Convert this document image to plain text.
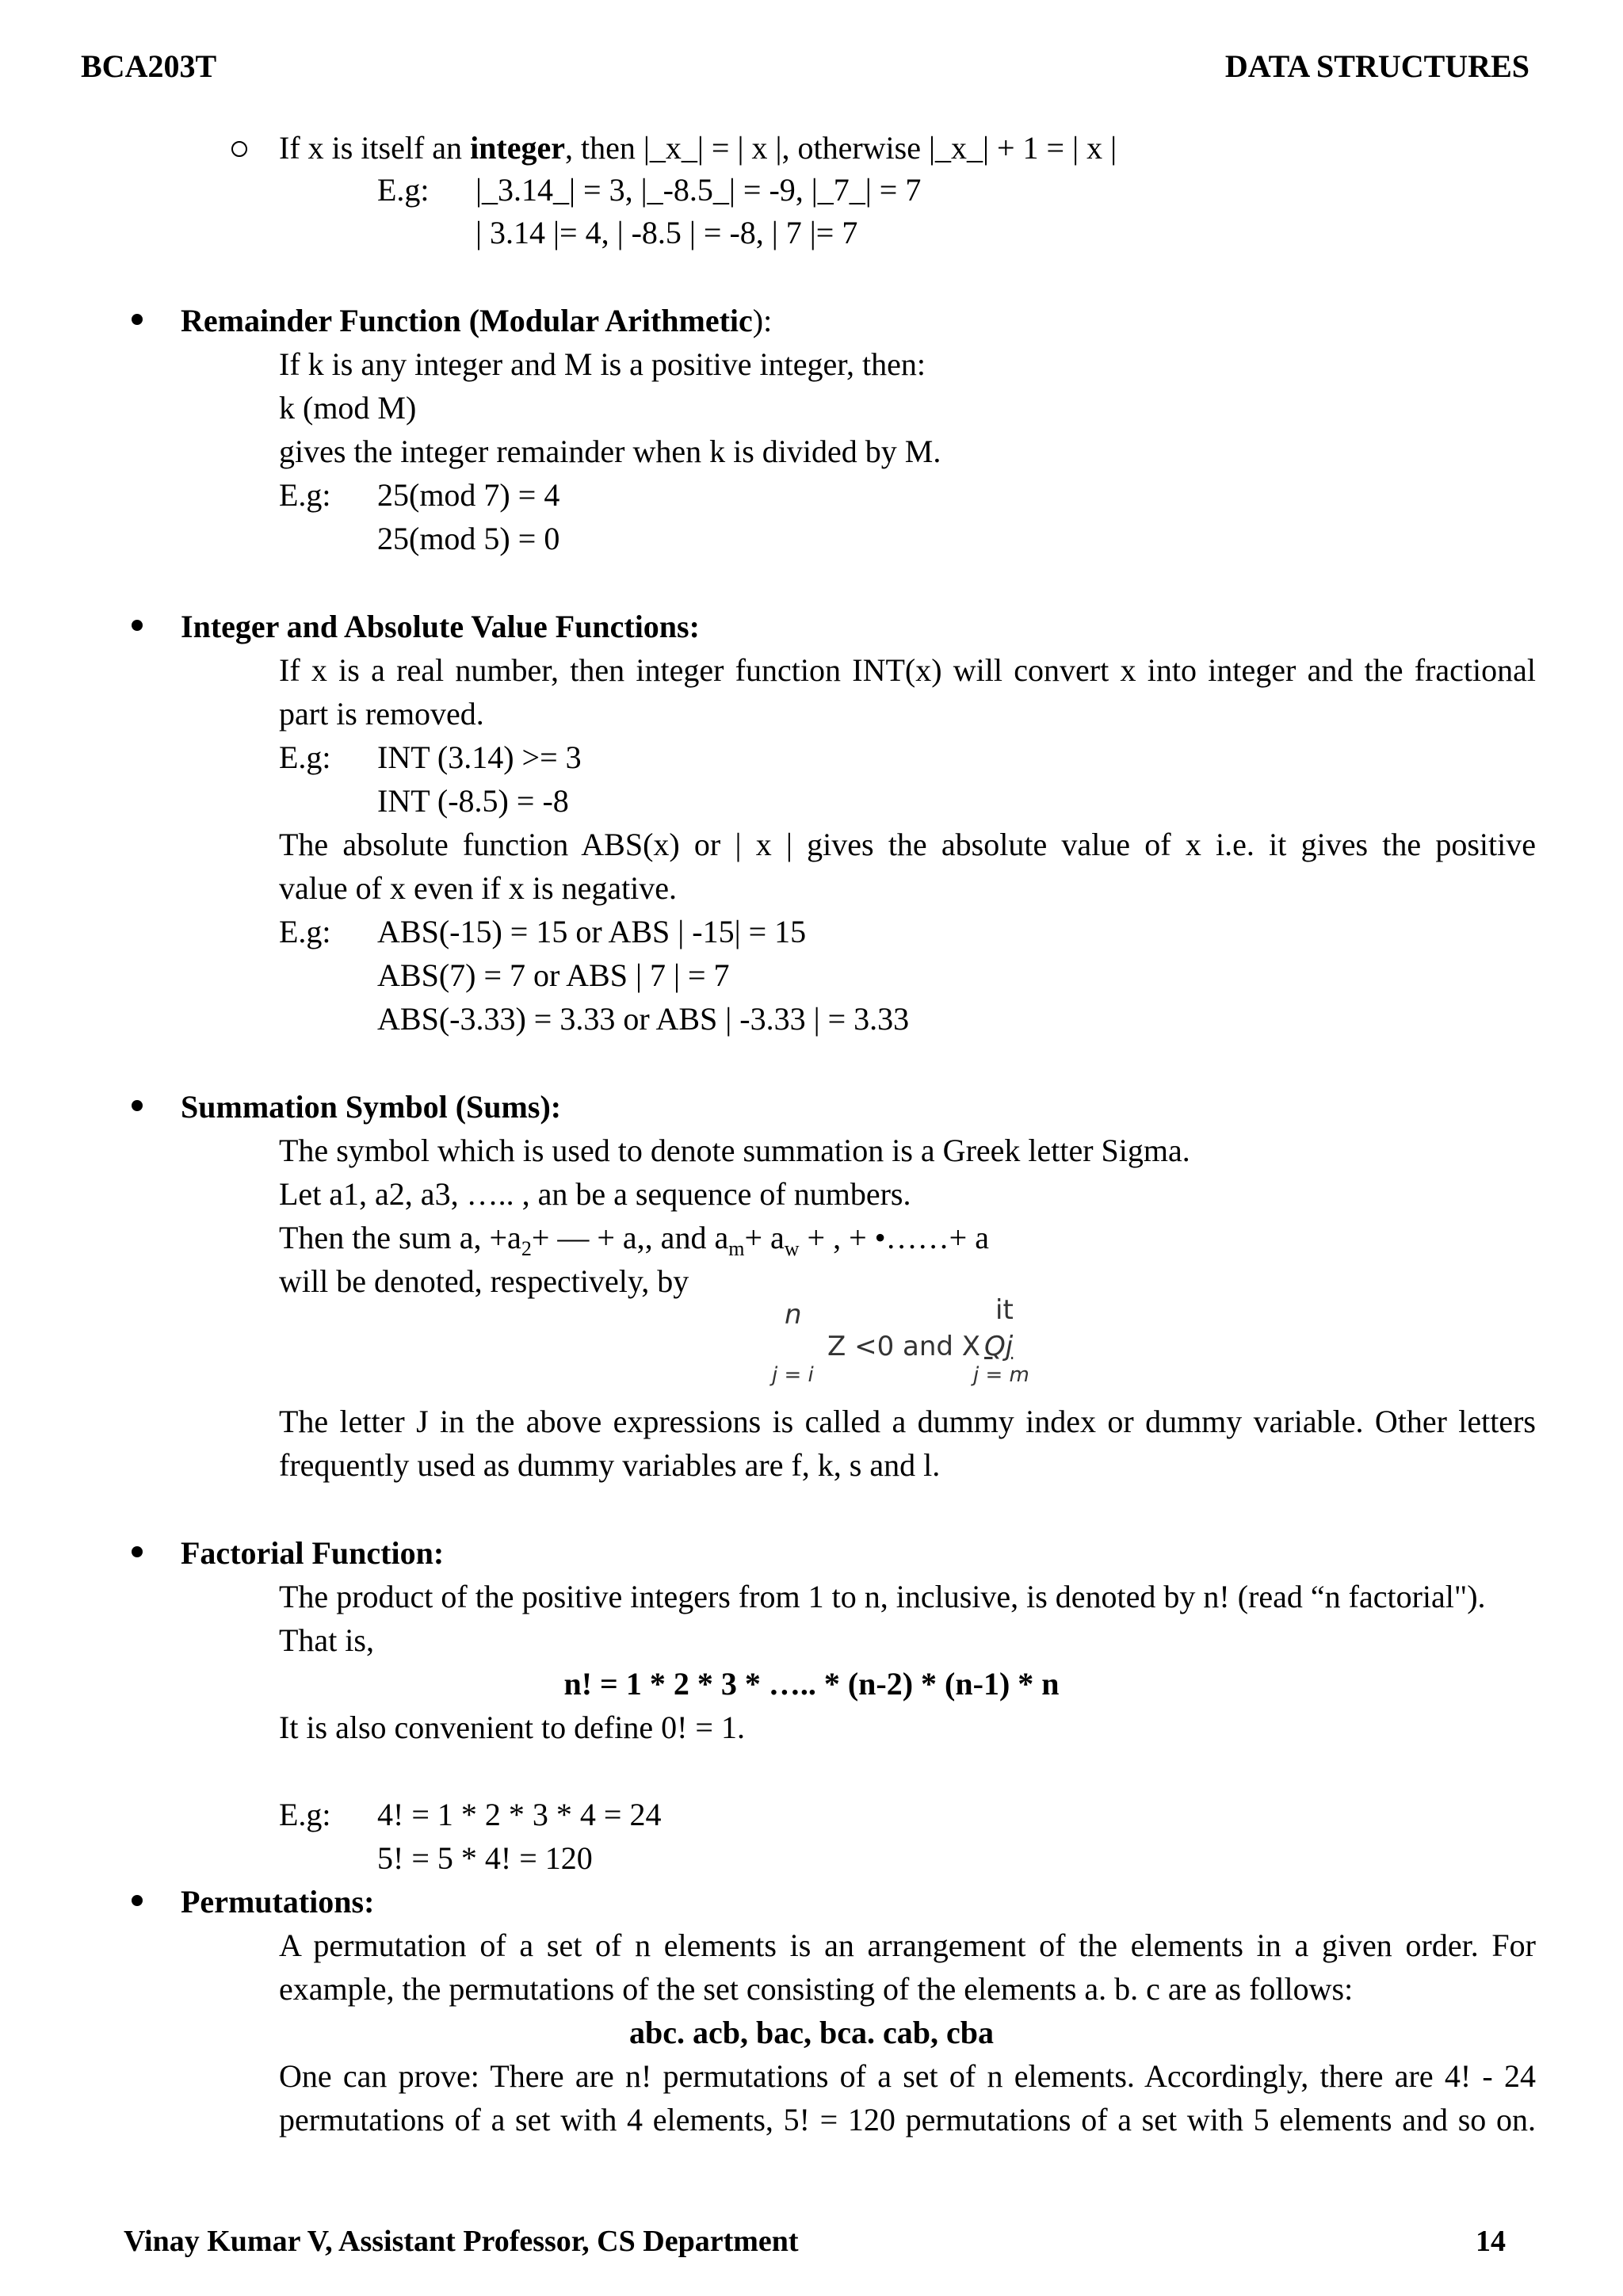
BCA203T	DATA STRUCTURES
If x is itself an integer, then |_x_| = | x |, otherwise |_x_| + 1 = | x |
E.g: |_3.14_| = 3, |_-8.5_| = -9, |_7_| = 7
| 3.14 |= 4, | -8.5 | = -8, | 7 |= 7
Remainder Function (Modular Arithmetic):
If k is any integer and M is a positive integer, then:
k (mod M)
gives the integer remainder when k is divided by M.
E.g: 25(mod 7) = 4
25(mod 5) = 0
Integer and Absolute Value Functions:
If x is a real number, then integer function INT(x) will convert x into integer and the fractional
part is removed.
E.g: INT (3.14) >= 3
INT (-8.5) = -8
The absolute function ABS(x) or | x | gives the absolute value of x i.e. it gives the positive
value of x even if x is negative.
E.g: ABS(-15) = 15 or ABS | -15| = 15
ABS(7) = 7 or ABS | 7 | = 7
ABS(-3.33) = 3.33 or ABS | -3.33 | = 3.33
Summation Symbol (Sums):
The symbol which is used to denote summation is a Greek letter Sigma.
Let a1, a2, a3, ….. , an be a sequence of numbers.
Then the sum a, $+a_2+$ — + a,, and $a_m+ a_w$ + , + •……+ a
will be denoted, respectively, by
n	it
Z <0 and X Qj
j = i	j = m
The letter J in the above expressions is called a dummy index or dummy variable. Other letters
frequently used as dummy variables are f, k, s and l.
Factorial Function:
The product of the positive integers from 1 to n, inclusive, is denoted by n! (read “n factorial").
That is,
n! = 1 * 2 * 3 * ….. * (n-2) * (n-1) * n
It is also convenient to define 0! = 1.
E.g: 4! = 1 * 2 * 3 * 4 = 24
5! = 5 * 4! = 120
Permutations:
A permutation of a set of n elements is an arrangement of the elements in a given order. For
example, the permutations of the set consisting of the elements a. b. c are as follows:
abc. acb, bac, bca. cab, cba
One can prove: There are n! permutations of a set of n elements. Accordingly, there are 4! - 24
permutations of a set with 4 elements, 5! = 120 permutations of a set with 5 elements and so on.
Vinay Kumar V, Assistant Professor, CS Department	14
